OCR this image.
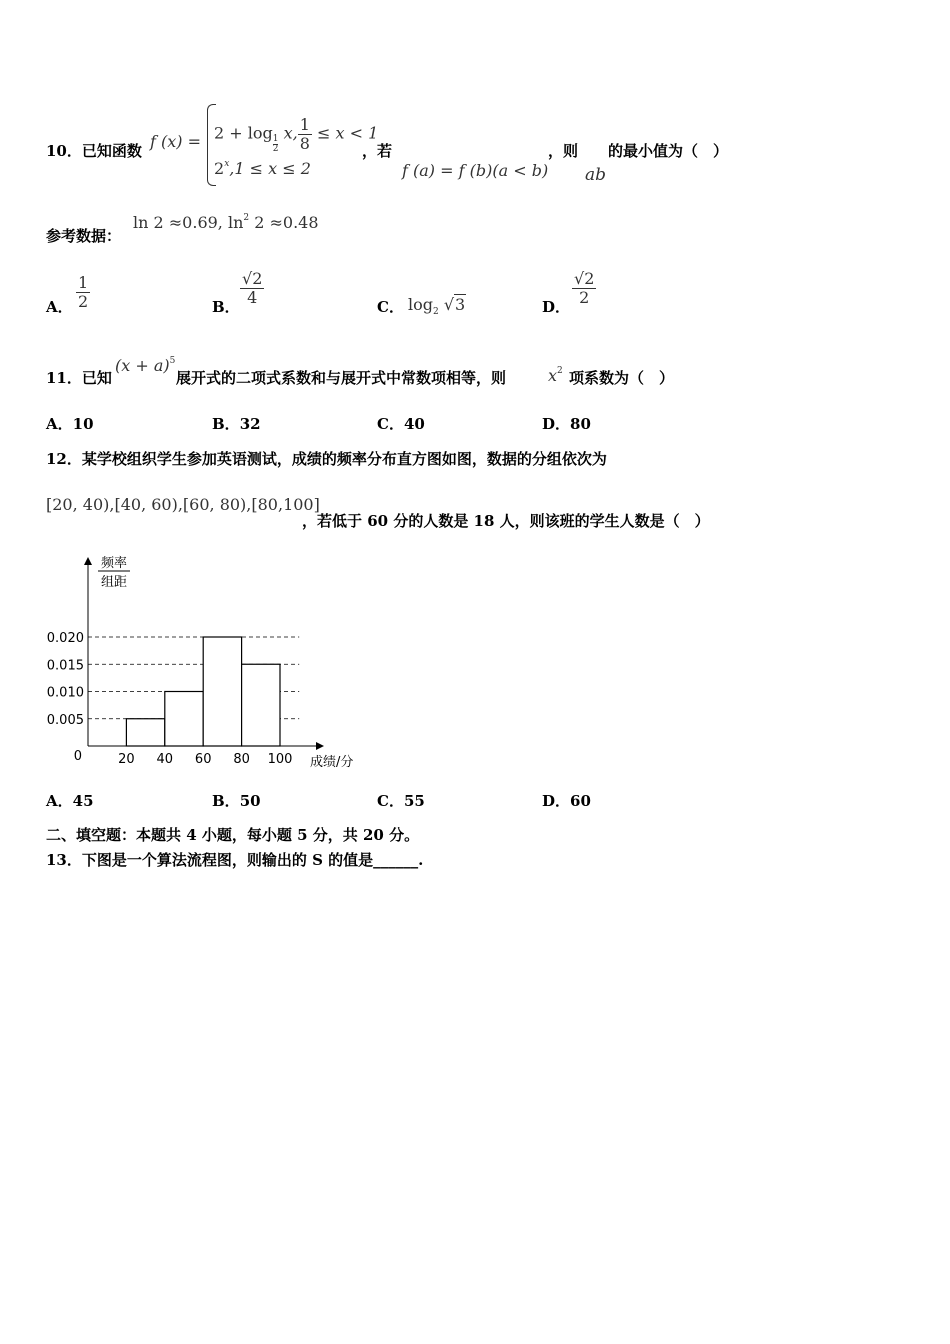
10．已知函数 f (x) = 2 + log
$\frac{1}{2}$
x, $\frac{1}{8} \le x < 1$
$2^x,1 \le x \le 2$
，若
f (a) = f (b)(a < b)
，则
ab
的最小值为（　）
参考数据：
ln 2 ≈0.69, $\ln^2 2 \approx 0.48$
A． $\frac{1}{2}$	B．
$\frac{√2}{4}$
C． $\log_2 √3$	D．
$\frac{√2}{2}$
11．已知
$(x + a)^5$
展开式的二项式系数和与展开式中常数项相等，则	$x^2$ 项系数为（　）
A．10	B．32	C．40	D．80
12．某学校组织学生参加英语测试，成绩的频率分布直方图如图，数据的分组依次为
[20, 40),[40, 60),[60, 80),[80,100]
，若低于 60 分的人数是 18 人，则该班的学生人数是（　）
频率
组距
0
0.005
0.010
0.015
0.020
20 40 60 80 100 成绩/分
A．45	B．50	C．55	D．60
二、填空题：本题共 4 小题，每小题 5 分，共 20 分。
13．下图是一个算法流程图，则输出的 S 的值是______.
